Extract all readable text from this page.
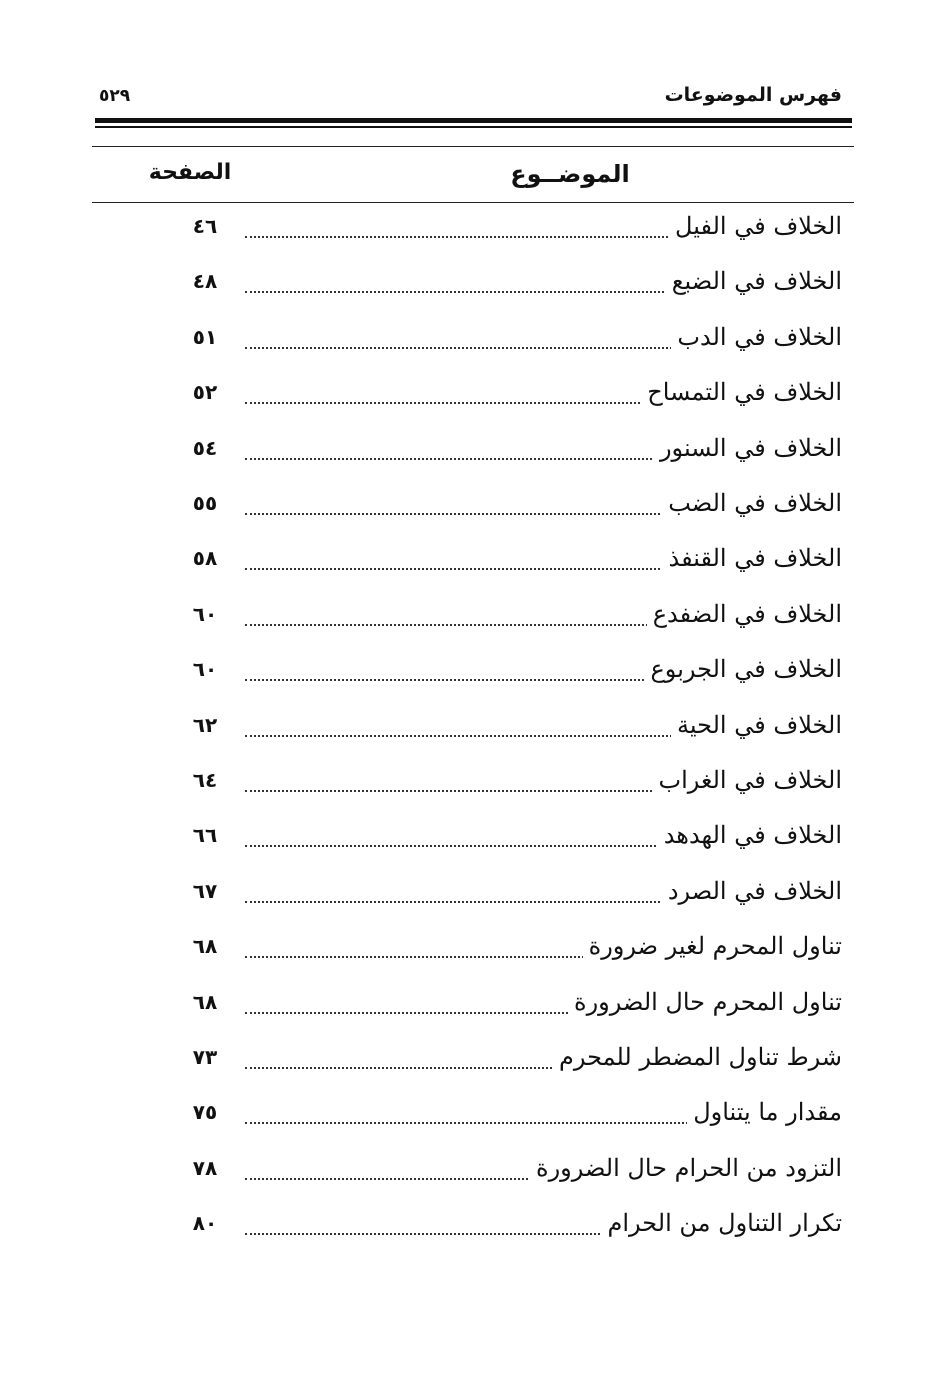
فهرس الموضوعات
٥٢٩
الموضــوع
الصفحة
الخلاف في الفيل
٤٦
الخلاف في الضبع
٤٨
الخلاف في الدب
٥١
الخلاف في التمساح
٥٢
الخلاف في السنور
٥٤
الخلاف في الضب
٥٥
الخلاف في القنفذ
٥٨
الخلاف في الضفدع
٦٠
الخلاف في الجربوع
٦٠
الخلاف في الحية
٦٢
الخلاف في الغراب
٦٤
الخلاف في الهدهد
٦٦
الخلاف في الصرد
٦٧
تناول المحرم لغير ضرورة
٦٨
تناول المحرم حال الضرورة
٦٨
شرط تناول المضطر للمحرم
٧٣
مقدار ما يتناول
٧٥
التزود من الحرام حال الضرورة
٧٨
تكرار التناول من الحرام
٨٠
